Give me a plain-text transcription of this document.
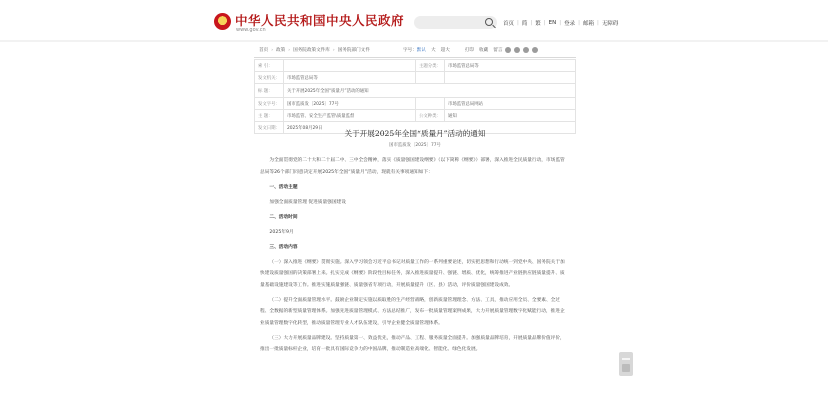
中华人民共和国中央人民政府
www.gov.cn
首页 | 简 | 繁 | EN | 登录 | 邮箱 | 无障碍
首页 › 政策 › 国务院政策文件库 › 国务院部门文件	字号： 默认 大 超大	打印 收藏 留言
索 引：		主题分类：	市场监管总局等
发文机关：	市场监管总局等		
标 题：	关于开展2025年全国“质量月”活动的通知		
发文字号：	国市监质发〔2025〕77号		市场监管总局网站
主 题：	市场监管、安全生产监管\质量监督	公文种类：	通知
发文日期：	2025年08月29日		
关于开展2025年全国“质量月”活动的通知
国市监质发〔2025〕77号

为全面贯彻党的二十大和二十届二中、三中全会精神，落实《质量强国建设纲要》（以下简称《纲要》）部署，深入推进全民质量行动，市场监管总局等26个部门同意决定开展2025年全国“质量月”活动，现就有关事项通知如下：

一、活动主题

加强全面质量管理 促进质量强国建设

二、活动时间

2025年9月

三、活动内容

（一）深入推进《纲要》贯彻实施。深入学习领会习近平总书记对质量工作的一系列重要论述，切实把思想和行动统一到党中央、国务院关于加快建设质量强国的决策部署上来。扎实完成《纲要》阶段性目标任务，深入推进质量提升、强链、增质、优化，统筹推进产业链供应链质量提升、质量基础设施建设等工作。推进实施质量强链、质量强省专项行动，开展质量提升（区、县）活动，评价质量强国建设成效。

（二）提升全面质量管理水平。鼓励企业制定实施以质取胜的生产经营战略，创新质量管理理念、方法、工具，推动应用全员、全要素、全过程、全数据的新型质量管理体系。加强先进质量管理模式、方法总结推广，发布一批质量管理案例成果，大力开展质量管理数字化赋能行动，推进企业质量管理数字化转型，推动质量管理专业人才队伍建设，引导企业健全质量管理体系。

（三）大力开展质量品牌建设。坚持质量第一、效益优先，推动产品、工程、服务质量全面提升。加强质量品牌培育，开展质量品牌价值评价，推出一批质量标杆企业，培育一批具有国际竞争力的中国品牌，推动制造业高端化、智能化、绿色化发展。
